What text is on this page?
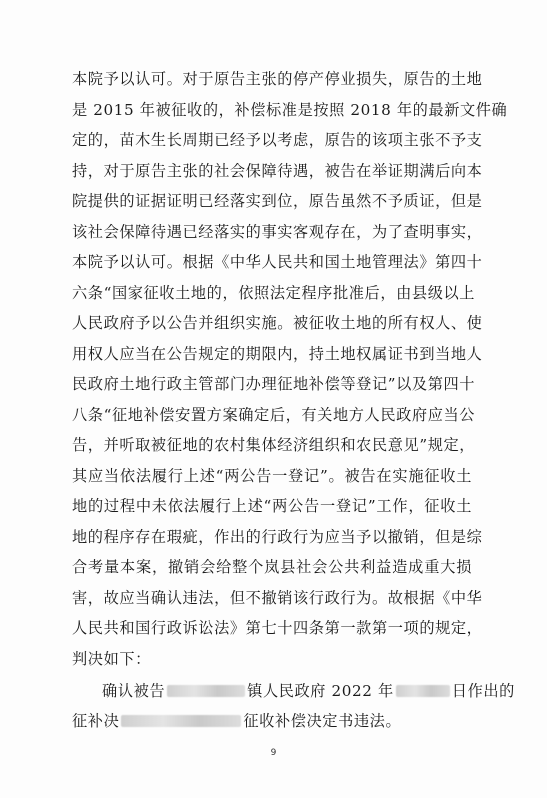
本院予以认可。对于原告主张的停产停业损失，原告的土地
是 2015 年被征收的，补偿标准是按照 2018 年的最新文件确
定的，苗木生长周期已经予以考虑，原告的该项主张不予支
持，对于原告主张的社会保障待遇，被告在举证期满后向本
院提供的证据证明已经落实到位，原告虽然不予质证，但是
该社会保障待遇已经落实的事实客观存在，为了查明事实，
本院予以认可。根据《中华人民共和国土地管理法》第四十
六条“国家征收土地的，依照法定程序批准后，由县级以上
人民政府予以公告并组织实施。被征收土地的所有权人、使
用权人应当在公告规定的期限内，持土地权属证书到当地人
民政府土地行政主管部门办理征地补偿等登记”以及第四十
八条“征地补偿安置方案确定后，有关地方人民政府应当公
告，并听取被征地的农村集体经济组织和农民意见”规定，
其应当依法履行上述“两公告一登记”。被告在实施征收土
地的过程中未依法履行上述“两公告一登记”工作，征收土
地的程序存在瑕疵，作出的行政行为应当予以撤销，但是综
合考量本案，撤销会给整个岚县社会公共利益造成重大损
害，故应当确认违法，但不撤销该行政行为。故根据《中华
人民共和国行政诉讼法》第七十四条第一款第一项的规定，
判决如下：
确认被告	镇人民政府 2022 年	日作出的
征补决	征收补偿决定书违法。
9
